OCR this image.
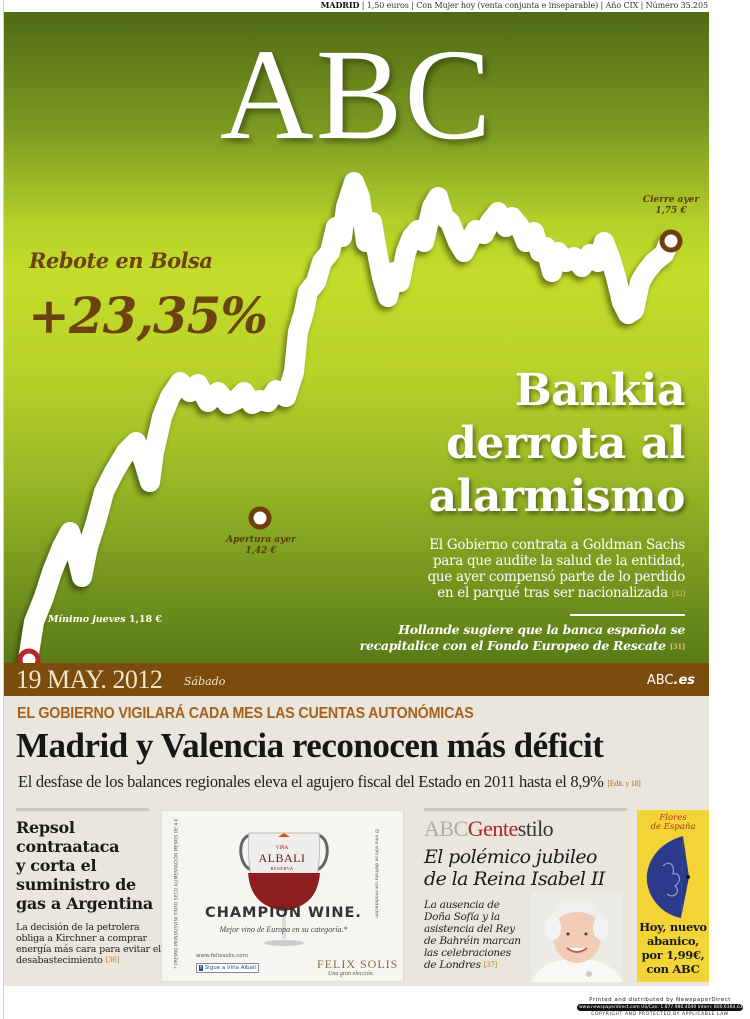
MADRID | 1,50 euros | Con Mujer hoy (venta conjunta e inseparable) | Año CIX | Número 35.205
ABC
Rebote en Bolsa
+23,35%
Cierre ayer
1,75 €
Apertura ayer
1,42 €
Mínimo jueves 1,18 €
Bankia
derrota al
alarmismo
El Gobierno contrata a Goldman Sachs
para que audite la salud de la entidad,
que ayer compensó parte de lo perdido
en el parqué tras ser nacionalizada [32]
Hollande sugiere que la banca española se
recapitalice con el Fondo Europeo de Rescate [31]
19 MAY. 2012 Sábado	ABC.es
EL GOBIERNO VIGILARÁ CADA MES LAS CUENTAS AUTONÓMICAS
Madrid y Valencia reconocen más déficit
El desfase de los balances regionales eleva el agujero fiscal del Estado en 2011 hasta el 8,9% [Edit. y 18]
Repsol
contraataca
y corta el
suministro de
gas a Argentina
La decisión de la petrolera obliga a Kirchner a comprar energía más cara para evitar el desabastecimiento [36]	* PREMIO MUNDUSVINI TINTO SECO ALIMENTACIÓN MENOS DE 4 €	El vino sólo se disfruta con moderación
VIÑA
ALBALI
RESERVA
CHAMPION WINE.
Mejor vino de Europa en su categoría.*
www.felixsolis.com
f Sigue a Viña Albali	FELIX SOLIS
Una gran elección.
ABCGentestilo
El polémico jubileo
de la Reina Isabel II
La ausencia de
Doña Sofía y la
asistencia del Rey
de Bahréin marcan
las celebraciones
de Londres [37]
Flores
de España
Hoy, nuevo
abanico,
por 1,99€,
con ABC
Printed and distributed by NewspaperDirect
www.newspaperdirect.com US/Can: 1.877.980.4040 Intern: 800.6364.6364
COPYRIGHT AND PROTECTED BY APPLICABLE LAW
